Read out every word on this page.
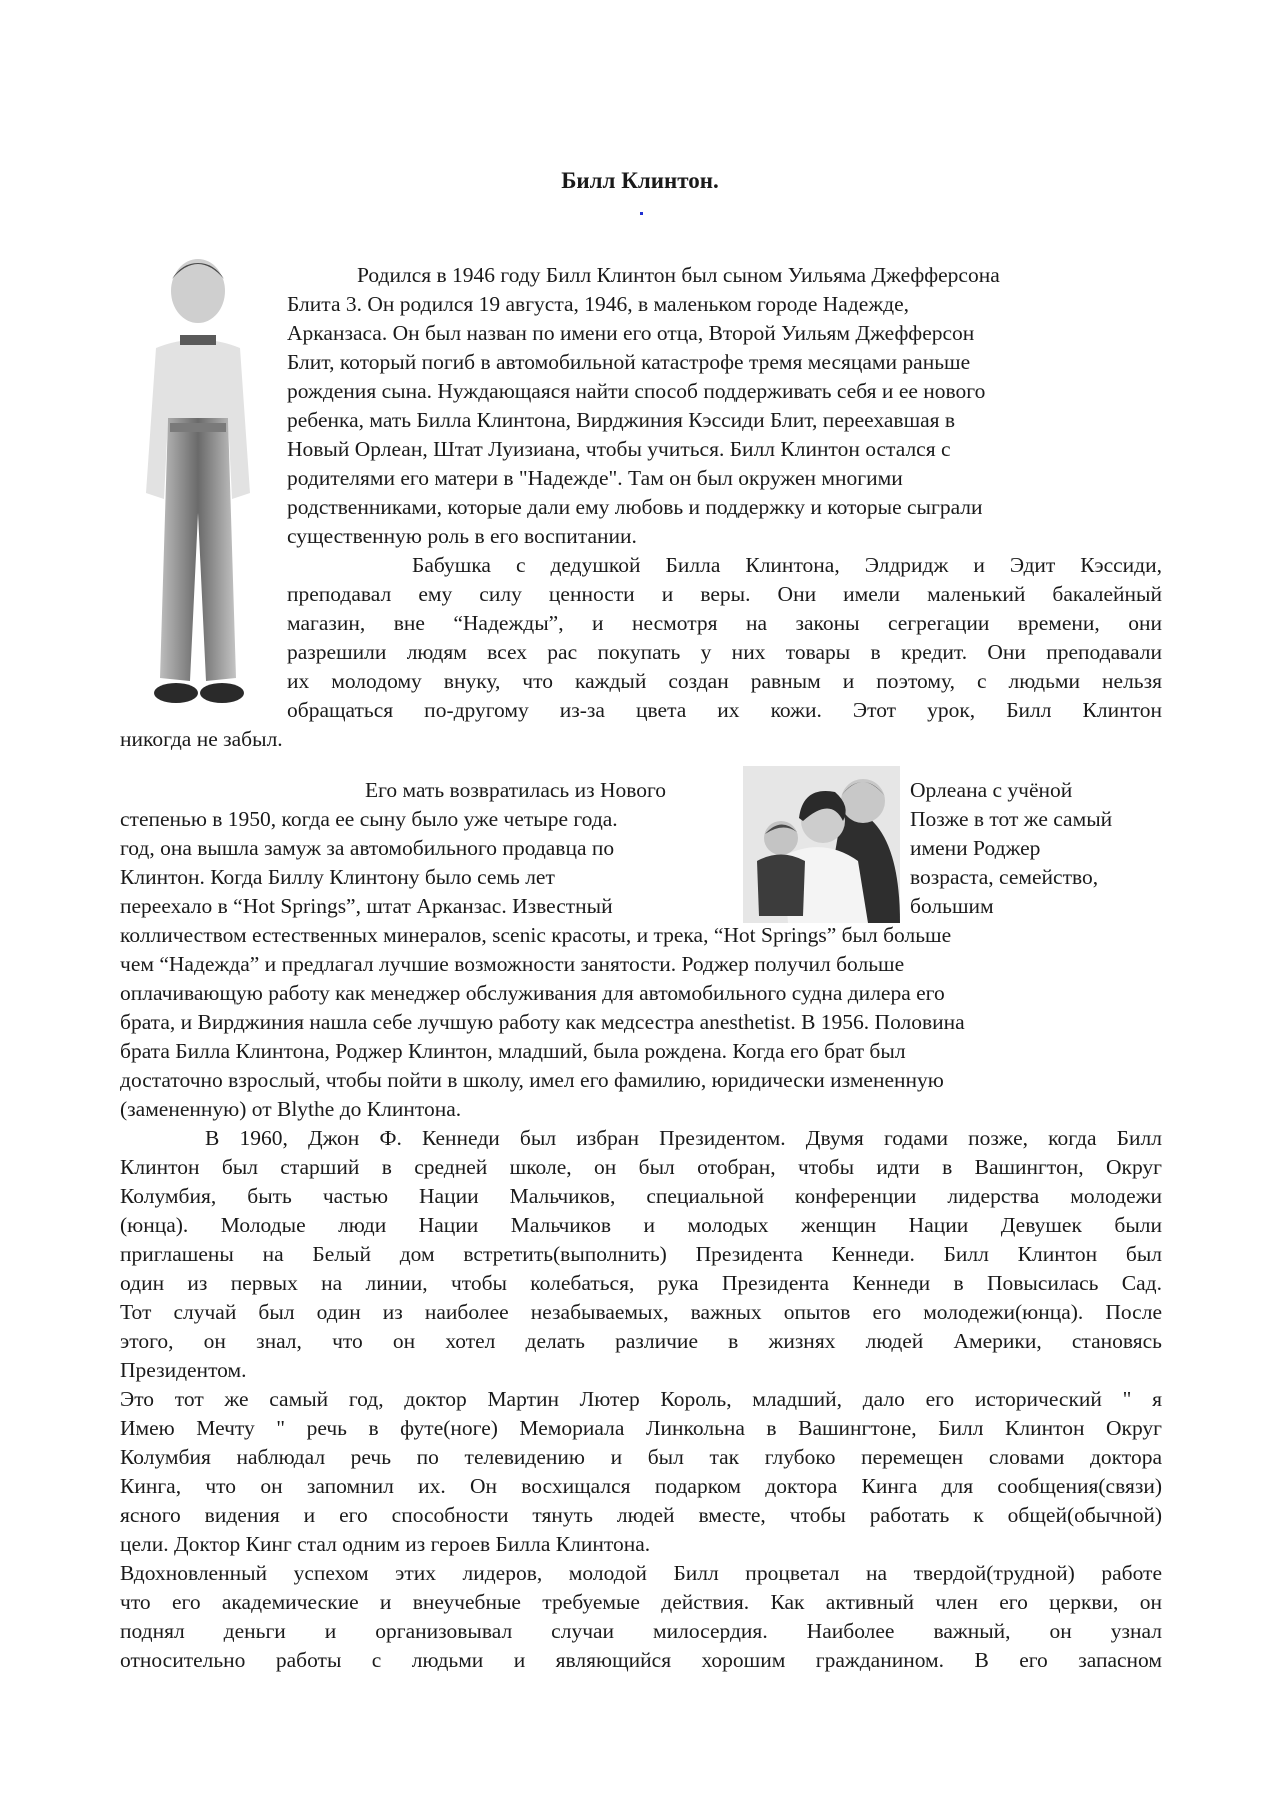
Билл Клинтон.
Родился в 1946 году Билл Клинтон был сыном Уильяма Джефферсона
Блита 3. Он родился 19 августа, 1946, в маленьком городе Надежде,
Арканзаса. Он был назван по имени его отца, Второй Уильям Джефферсон
Блит, который погиб в автомобильной катастрофе тремя месяцами раньше
рождения сына. Нуждающаяся найти способ поддерживать себя и ее нового
ребенка, мать Билла Клинтона, Вирджиния Кэссиди Блит, переехавшая в
Новый Орлеан, Штат Луизиана, чтобы учиться. Билл Клинтон остался с
родителями его матери в "Надежде". Там он был окружен многими
родственниками, которые дали ему любовь и поддержку и которые сыграли
существенную роль в его воспитании.
Бабушка с дедушкой Билла Клинтона, Элдридж и Эдит Кэссиди,
преподавал ему силу ценности и веры. Они имели маленький бакалейный
магазин, вне “Надежды”, и несмотря на законы сегрегации времени, они
разрешили людям всех рас покупать у них товары в кредит. Они преподавали
их молодому внуку, что каждый создан равным и поэтому, с людьми нельзя
обращаться по-другому из-за цвета их кожи. Этот урок, Билл Клинтон
никогда не забыл.
Его мать возвратилась из Нового
степенью в 1950, когда ее сыну было уже четыре года.
год, она вышла замуж за автомобильного продавца по
Клинтон. Когда Биллу Клинтону было семь лет
переехало в “Hot Springs”, штат Арканзас. Известный
Орлеана с учёной
Позже в тот же самый
имени Роджер
возраста, семейство,
большим
колличеством естественных минералов, scenic красоты, и трека, “Hot Springs” был больше
чем “Надежда” и предлагал лучшие возможности занятости. Роджер получил больше
оплачивающую работу как менеджер обслуживания для автомобильного судна дилера его
брата, и Вирджиния нашла себе лучшую работу как медсестра anesthetist. В 1956. Половина
брата Билла Клинтона, Роджер Клинтон, младший, была рождена. Когда его брат был
достаточно взрослый, чтобы пойти в школу, имел его фамилию, юридически измененную
(замененную) от Blythe до Клинтона.
В 1960, Джон Ф. Кеннеди был избран Президентом. Двумя годами позже, когда Билл
Клинтон был старший в средней школе, он был отобран, чтобы идти в Вашингтон, Округ
Колумбия, быть частью Нации Мальчиков, специальной конференции лидерства молодежи
(юнца). Молодые люди Нации Мальчиков и молодых женщин Нации Девушек были
приглашены на Белый дом встретить(выполнить) Президента Кеннеди. Билл Клинтон был
один из первых на линии, чтобы колебаться, рука Президента Кеннеди в Повысилась Сад.
Тот случай был один из наиболее незабываемых, важных опытов его молодежи(юнца). После
этого, он знал, что он хотел делать различие в жизнях людей Америки, становясь
Президентом.
Это тот же самый год, доктор Мартин Лютер Король, младший, дало его исторический " я
Имею Мечту " речь в футе(ноге) Мемориала Линкольна в Вашингтоне, Билл Клинтон Округ
Колумбия наблюдал речь по телевидению и был так глубоко перемещен словами доктора
Кинга, что он запомнил их. Он восхищался подарком доктора Кинга для сообщения(связи)
ясного видения и его способности тянуть людей вместе, чтобы работать к общей(обычной)
цели. Доктор Кинг стал одним из героев Билла Клинтона.
Вдохновленный успехом этих лидеров, молодой Билл процветал на твердой(трудной) работе
что его академические и внеучебные требуемые действия. Как активный член его церкви, он
поднял деньги и организовывал случаи милосердия. Наиболее важный, он узнал
относительно работы с людьми и являющийся хорошим гражданином. В его запасном
